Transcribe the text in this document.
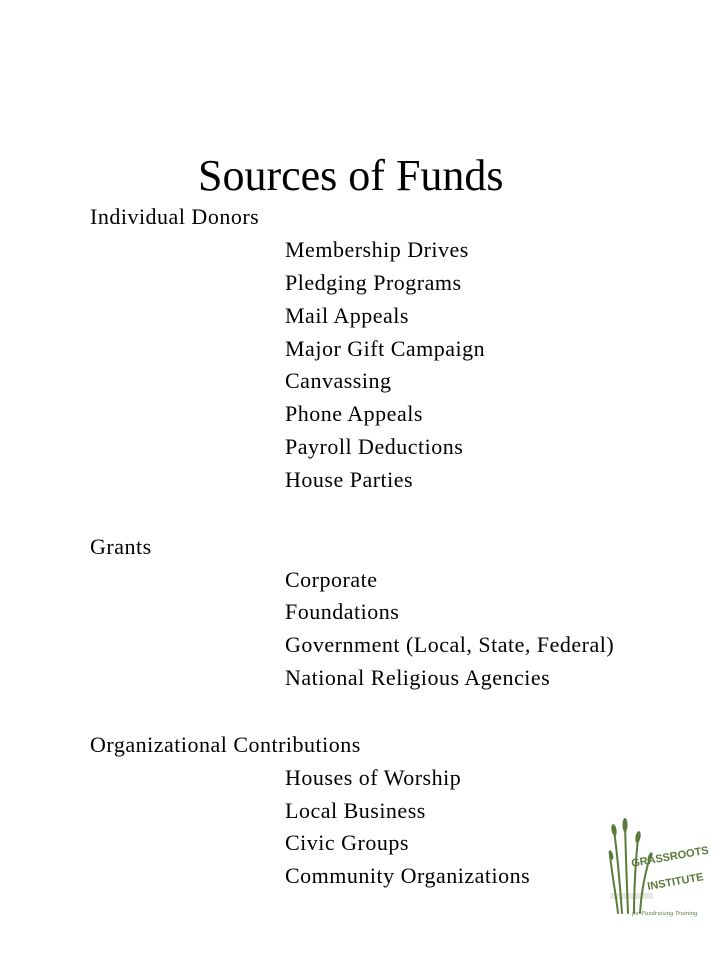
Sources of Funds
Individual Donors
Membership Drives
Pledging Programs
Mail Appeals
Major Gift Campaign
Canvassing
Phone Appeals
Payroll Deductions
House Parties
Grants
Corporate
Foundations
Government (Local, State, Federal)
National Religious Agencies
Organizational Contributions
Houses of Worship
Local Business
Civic Groups
Community Organizations
GRASSROOTS
INSTITUTE
for Fundraising Training
